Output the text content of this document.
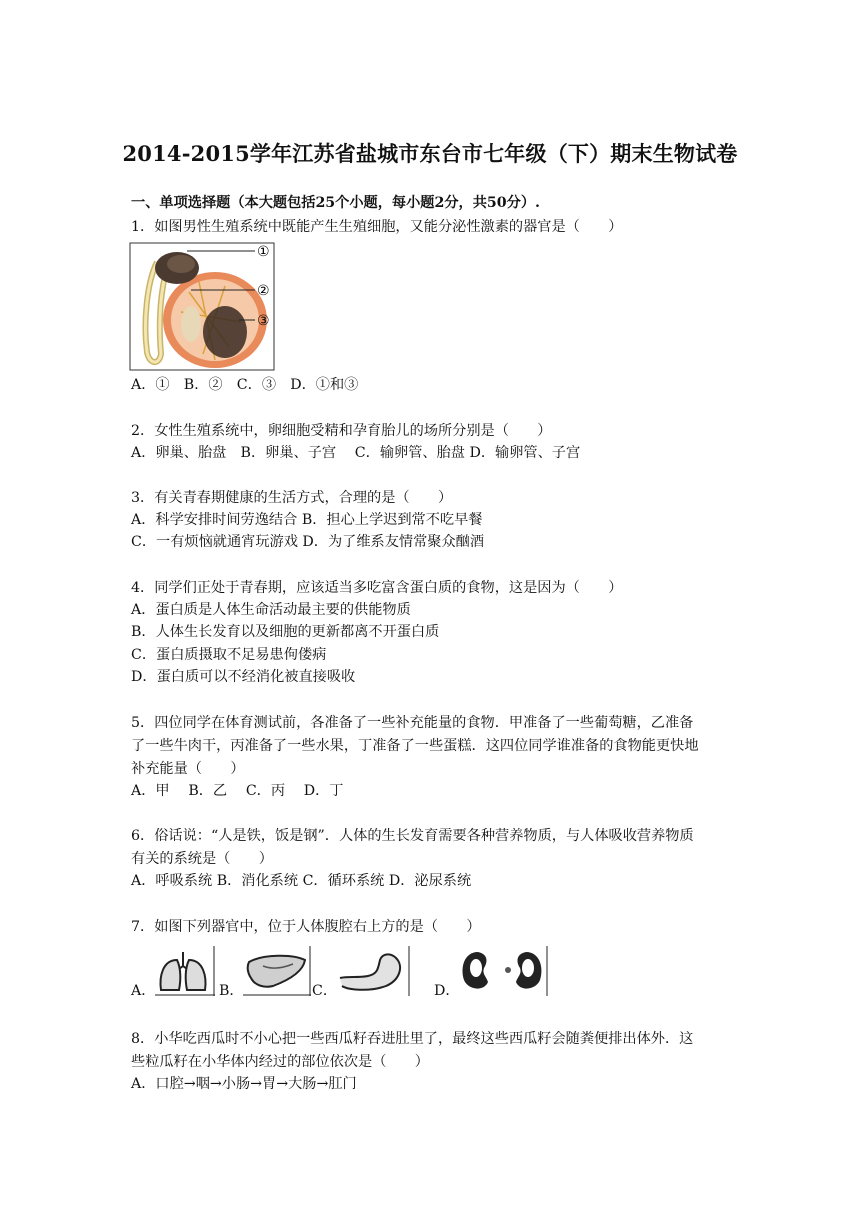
2014-2015学年江苏省盐城市东台市七年级（下）期末生物试卷
一、单项选择题（本大题包括25个小题，每小题2分，共50分）.
1．如图男性生殖系统中既能产生生殖细胞，又能分泌性激素的器官是（　　）
①
②
③
A．①　B．②　C．③　D．①和③
2．女性生殖系统中，卵细胞受精和孕育胎儿的场所分别是（　　）
A．卵巢、胎盘　B．卵巢、子宫　 C．输卵管、胎盘 D．输卵管、子宫
3．有关青春期健康的生活方式，合理的是（　　）
A．科学安排时间劳逸结合 B．担心上学迟到常不吃早餐
C．一有烦恼就通宵玩游戏 D．为了维系友情常聚众酗酒
4．同学们正处于青春期，应该适当多吃富含蛋白质的食物，这是因为（　　）
A．蛋白质是人体生命活动最主要的供能物质
B．人体生长发育以及细胞的更新都离不开蛋白质
C．蛋白质摄取不足易患佝偻病
D．蛋白质可以不经消化被直接吸收
5．四位同学在体育测试前，各准备了一些补充能量的食物．甲准备了一些葡萄糖，乙准备
了一些牛肉干，丙准备了一些水果，丁准备了一些蛋糕．这四位同学谁准备的食物能更快地
补充能量（　　）
A．甲　 B．乙　 C．丙　 D．丁
6．俗话说：“人是铁，饭是钢”．人体的生长发育需要各种营养物质，与人体吸收营养物质
有关的系统是（　　）
A．呼吸系统 B．消化系统 C．循环系统 D．泌尿系统
7．如图下列器官中，位于人体腹腔右上方的是（　　）
A．	B．	C．	D．
8．小华吃西瓜时不小心把一些西瓜籽吞进肚里了，最终这些西瓜籽会随粪便排出体外．这
些粒瓜籽在小华体内经过的部位依次是（　　）
A．口腔→咽→小肠→胃→大肠→肛门
